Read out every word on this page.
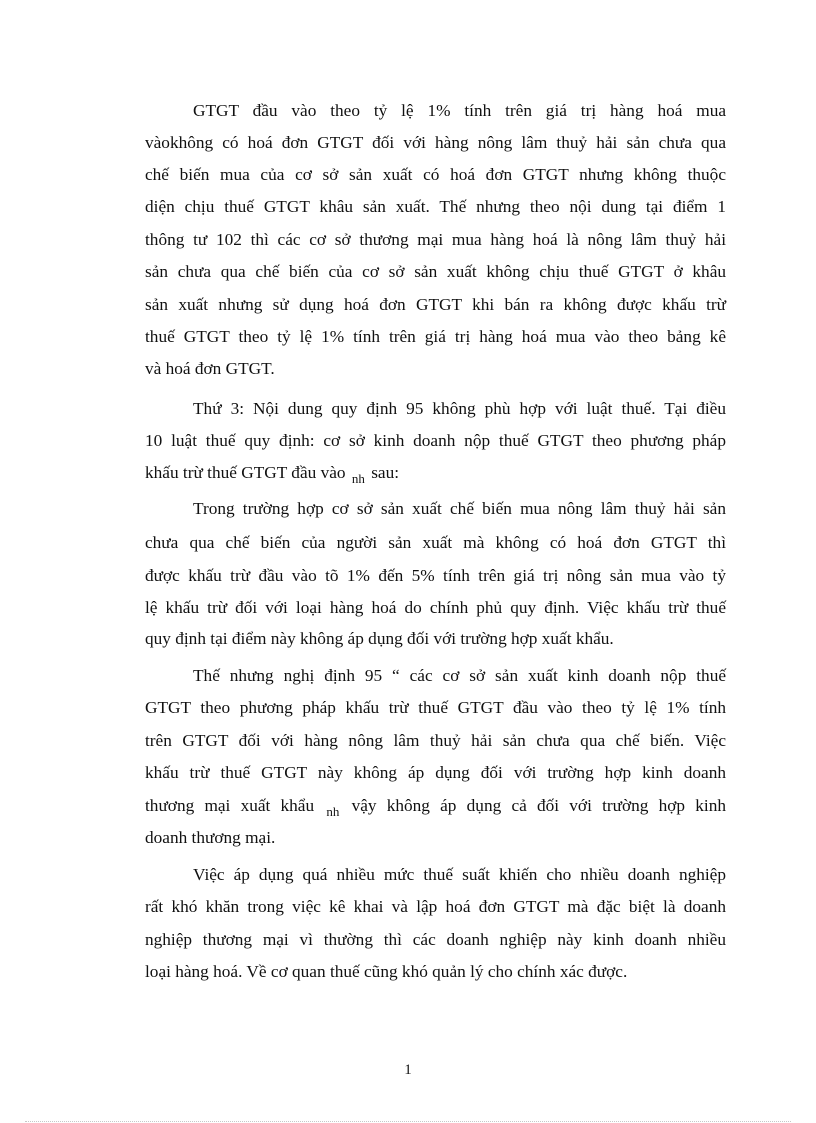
GTGT đầu vào theo tỷ lệ 1% tính trên giá trị hàng hoá mua
vàokhông có hoá đơn GTGT đối với hàng nông lâm thuỷ hải sản chưa qua
chế biến mua của cơ sở sản xuất có hoá đơn GTGT nhưng không thuộc
diện chịu thuế GTGT khâu sản xuất. Thế nhưng theo nội dung tại điểm 1
thông tư 102 thì các cơ sở thương mại mua hàng hoá là nông lâm thuỷ hải
sản chưa qua chế biến của cơ sở sản xuất không chịu thuế GTGT ở khâu
sản xuất nhưng sử dụng hoá đơn GTGT khi bán ra không được khấu trừ
thuế GTGT theo tỷ lệ 1% tính trên giá trị hàng hoá mua vào theo bảng kê
và hoá đơn GTGT.
Thứ 3: Nội dung quy định 95 không phù hợp với luật thuế. Tại điều
10 luật thuế quy định: cơ sở kinh doanh nộp thuế GTGT theo phương pháp
khấu trừ thuế GTGT đầu vào $_{nh}$ sau:
Trong trường hợp cơ sở sản xuất chế biến mua nông lâm thuỷ hải sản
chưa qua chế biến của người sản xuất mà không có hoá đơn GTGT thì
được khấu trừ đầu vào tõ 1% đến 5% tính trên giá trị nông sản mua vào tỷ
lệ khấu trừ đối với loại hàng hoá do chính phủ quy định. Việc khấu trừ thuế
quy định tại điểm này không áp dụng đối với trường hợp xuất khẩu.
Thế nhưng nghị định 95 “ các cơ sở sản xuất kinh doanh nộp thuế
GTGT theo phương pháp khấu trừ thuế GTGT đầu vào theo tỷ lệ 1% tính
trên GTGT đối với hàng nông lâm thuỷ hải sản chưa qua chế biến. Việc
khấu trừ thuế GTGT này không áp dụng đối với trường hợp kinh doanh
thương mại xuất khẩu $_{nh}$ vậy không áp dụng cả đối với trường hợp kinh
doanh thương mại.
Việc áp dụng quá nhiều mức thuế suất khiến cho nhiều doanh nghiệp
rất khó khăn trong việc kê khai và lập hoá đơn GTGT mà đặc biệt là doanh
nghiệp thương mại vì thường thì các doanh nghiệp này kinh doanh nhiều
loại hàng hoá. Về cơ quan thuế cũng khó quản lý cho chính xác được.
1
